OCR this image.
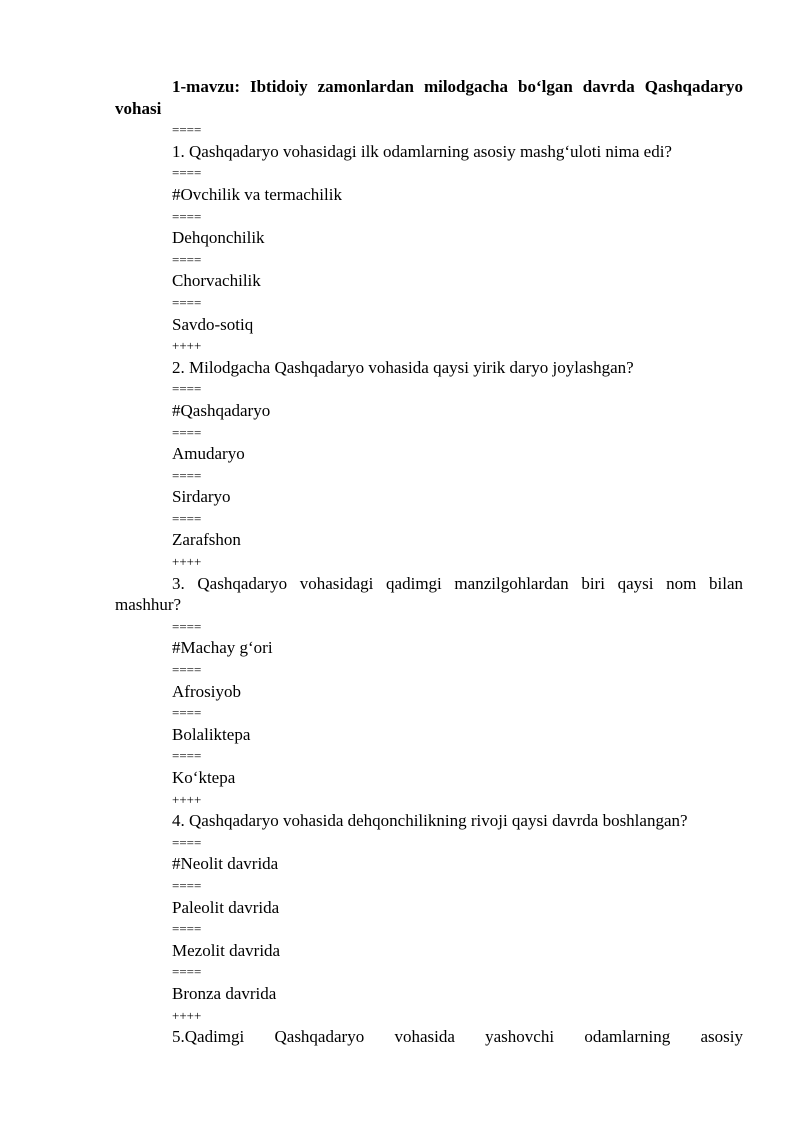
1-mavzu: Ibtidoiy zamonlardan milodgacha bo‘lgan davrda Qashqadaryo vohasi

====
1. Qashqadaryo vohasidagi ilk odamlarning asosiy mashg‘uloti nima edi?
====
#Ovchilik va termachilik
====
Dehqonchilik
====
Chorvachilik
====
Savdo-sotiq
++++
2. Milodgacha Qashqadaryo vohasida qaysi yirik daryo joylashgan?
====
#Qashqadaryo
====
Amudaryo
====
Sirdaryo
====
Zarafshon
++++

3. Qashqadaryo vohasidagi qadimgi manzilgohlardan biri qaysi nom bilan mashhur?

====
#Machay g‘ori
====
Afrosiyob
====
Bolaliktepa
====
Ko‘ktepa
++++
4. Qashqadaryo vohasida dehqonchilikning rivoji qaysi davrda boshlangan?
====
#Neolit davrida
====
Paleolit davrida
====
Mezolit davrida
====
Bronza davrida
++++

5.Qadimgi Qashqadaryo vohasida yashovchi odamlarning asosiy
